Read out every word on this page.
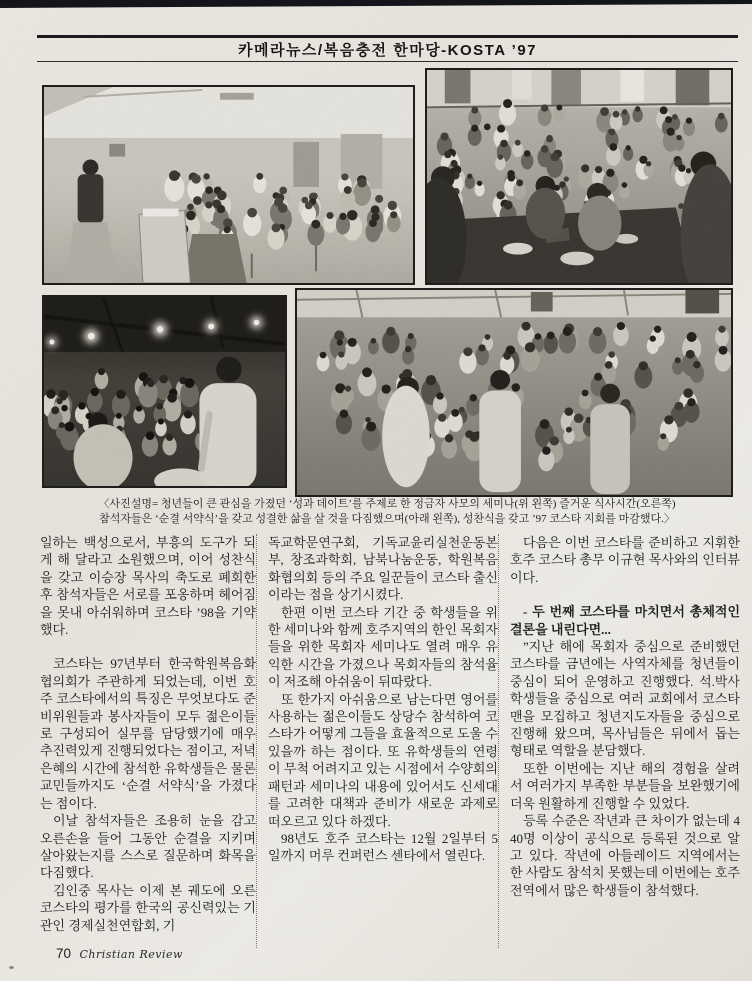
카메라뉴스/복음충전 한마당-KOSTA ’97
〈사진설명= 청년들이 큰 관심을 가졌던 ‘성과 데이트’를 주제로 한 정금자 사모의 세미나(위 왼쪽) 즐거운 식사시간(오른쪽)
참석자들은 ‘순결 서약식’을 갖고 성결한 삶을 살 것을 다짐했으며(아래 왼쪽), 성찬식을 갖고 ’97 코스타 지회를 마감했다.〉

일하는 백성으로서, 부흥의 도구가 되게 해 달라고 소원했으며, 이어 성찬식을 갖고 이승장 목사의 축도로 폐회한 후 참석자들은 서로를 포옹하며 헤어짐을 못내 아쉬워하며 코스타 ’98을 기약했다.

코스타는 97년부터 한국학원복음화협의회가 주관하게 되었는데, 이번 호주 코스타에서의 특징은 무엇보다도 준비위원들과 봉사자들이 모두 젊은이들로 구성되어 실무를 담당했기에 매우 추진력있게 진행되었다는 점이고, 저녁 은혜의 시간에 참석한 유학생들은 물론 교민들까지도 ‘순결 서약식’을 가졌다는 점이다.

이날 참석자들은 조용히 눈을 감고 오른손을 들어 그동안 순결을 지키며 살아왔는지를 스스로 질문하며 화목을 다짐했다.

김인중 목사는 이제 본 궤도에 오른 코스타의 평가를 한국의 공신력있는 기관인 경제실천연합회, 기

독교학문연구회, 기독교윤리실천운동본부, 창조과학회, 남북나눔운동, 학원복음화협의회 등의 주요 일꾼들이 코스타 출신이라는 점을 상기시켰다.

한편 이번 코스타 기간 중 학생들을 위한 세미나와 함께 호주지역의 한인 목회자들을 위한 목회자 세미나도 열려 매우 유익한 시간을 가졌으나 목회자들의 참석율이 저조해 아쉬움이 뒤따랐다.

또 한가지 아쉬움으로 남는다면 영어를 사용하는 젊은이들도 상당수 참석하여 코스타가 어떻게 그들을 효율적으로 도울 수 있을까 하는 점이다. 또 유학생들의 연령이 무척 어려지고 있는 시점에서 수양회의 패턴과 세미나의 내용에 있어서도 신세대를 고려한 대책과 준비가 새로운 과제로 떠오르고 있다 하겠다.

98년도 호주 코스타는 12월 2일부터 5일까지 머루 컨퍼런스 센타에서 열린다.

다음은 이번 코스타를 준비하고 지휘한 호주 코스타 총무 이규현 목사와의 인터뷰이다.

- 두 번째 코스타를 마치면서 총체적인 결론을 내린다면...

”지난 해에 목회자 중심으로 준비했던 코스타를 금년에는 사역자체를 청년들이 중심이 되어 운영하고 진행했다. 석.박사 학생들을 중심으로 여러 교회에서 코스타 맨을 모집하고 청년지도자들을 중심으로 진행해 왔으며, 목사님들은 뒤에서 돕는 형태로 역할을 분담했다.

또한 이번에는 지난 해의 경험을 살려서 여러가지 부족한 부분들을 보완했기에 더욱 원활하게 진행할 수 있었다.

등록 수준은 작년과 큰 차이가 없는데 440명 이상이 공식으로 등록된 것으로 알고 있다. 작년에 아들레이드 지역에서는 한 사람도 참석치 못했는데 이번에는 호주 전역에서 많은 학생들이 참석했다.

70 Christian Review
